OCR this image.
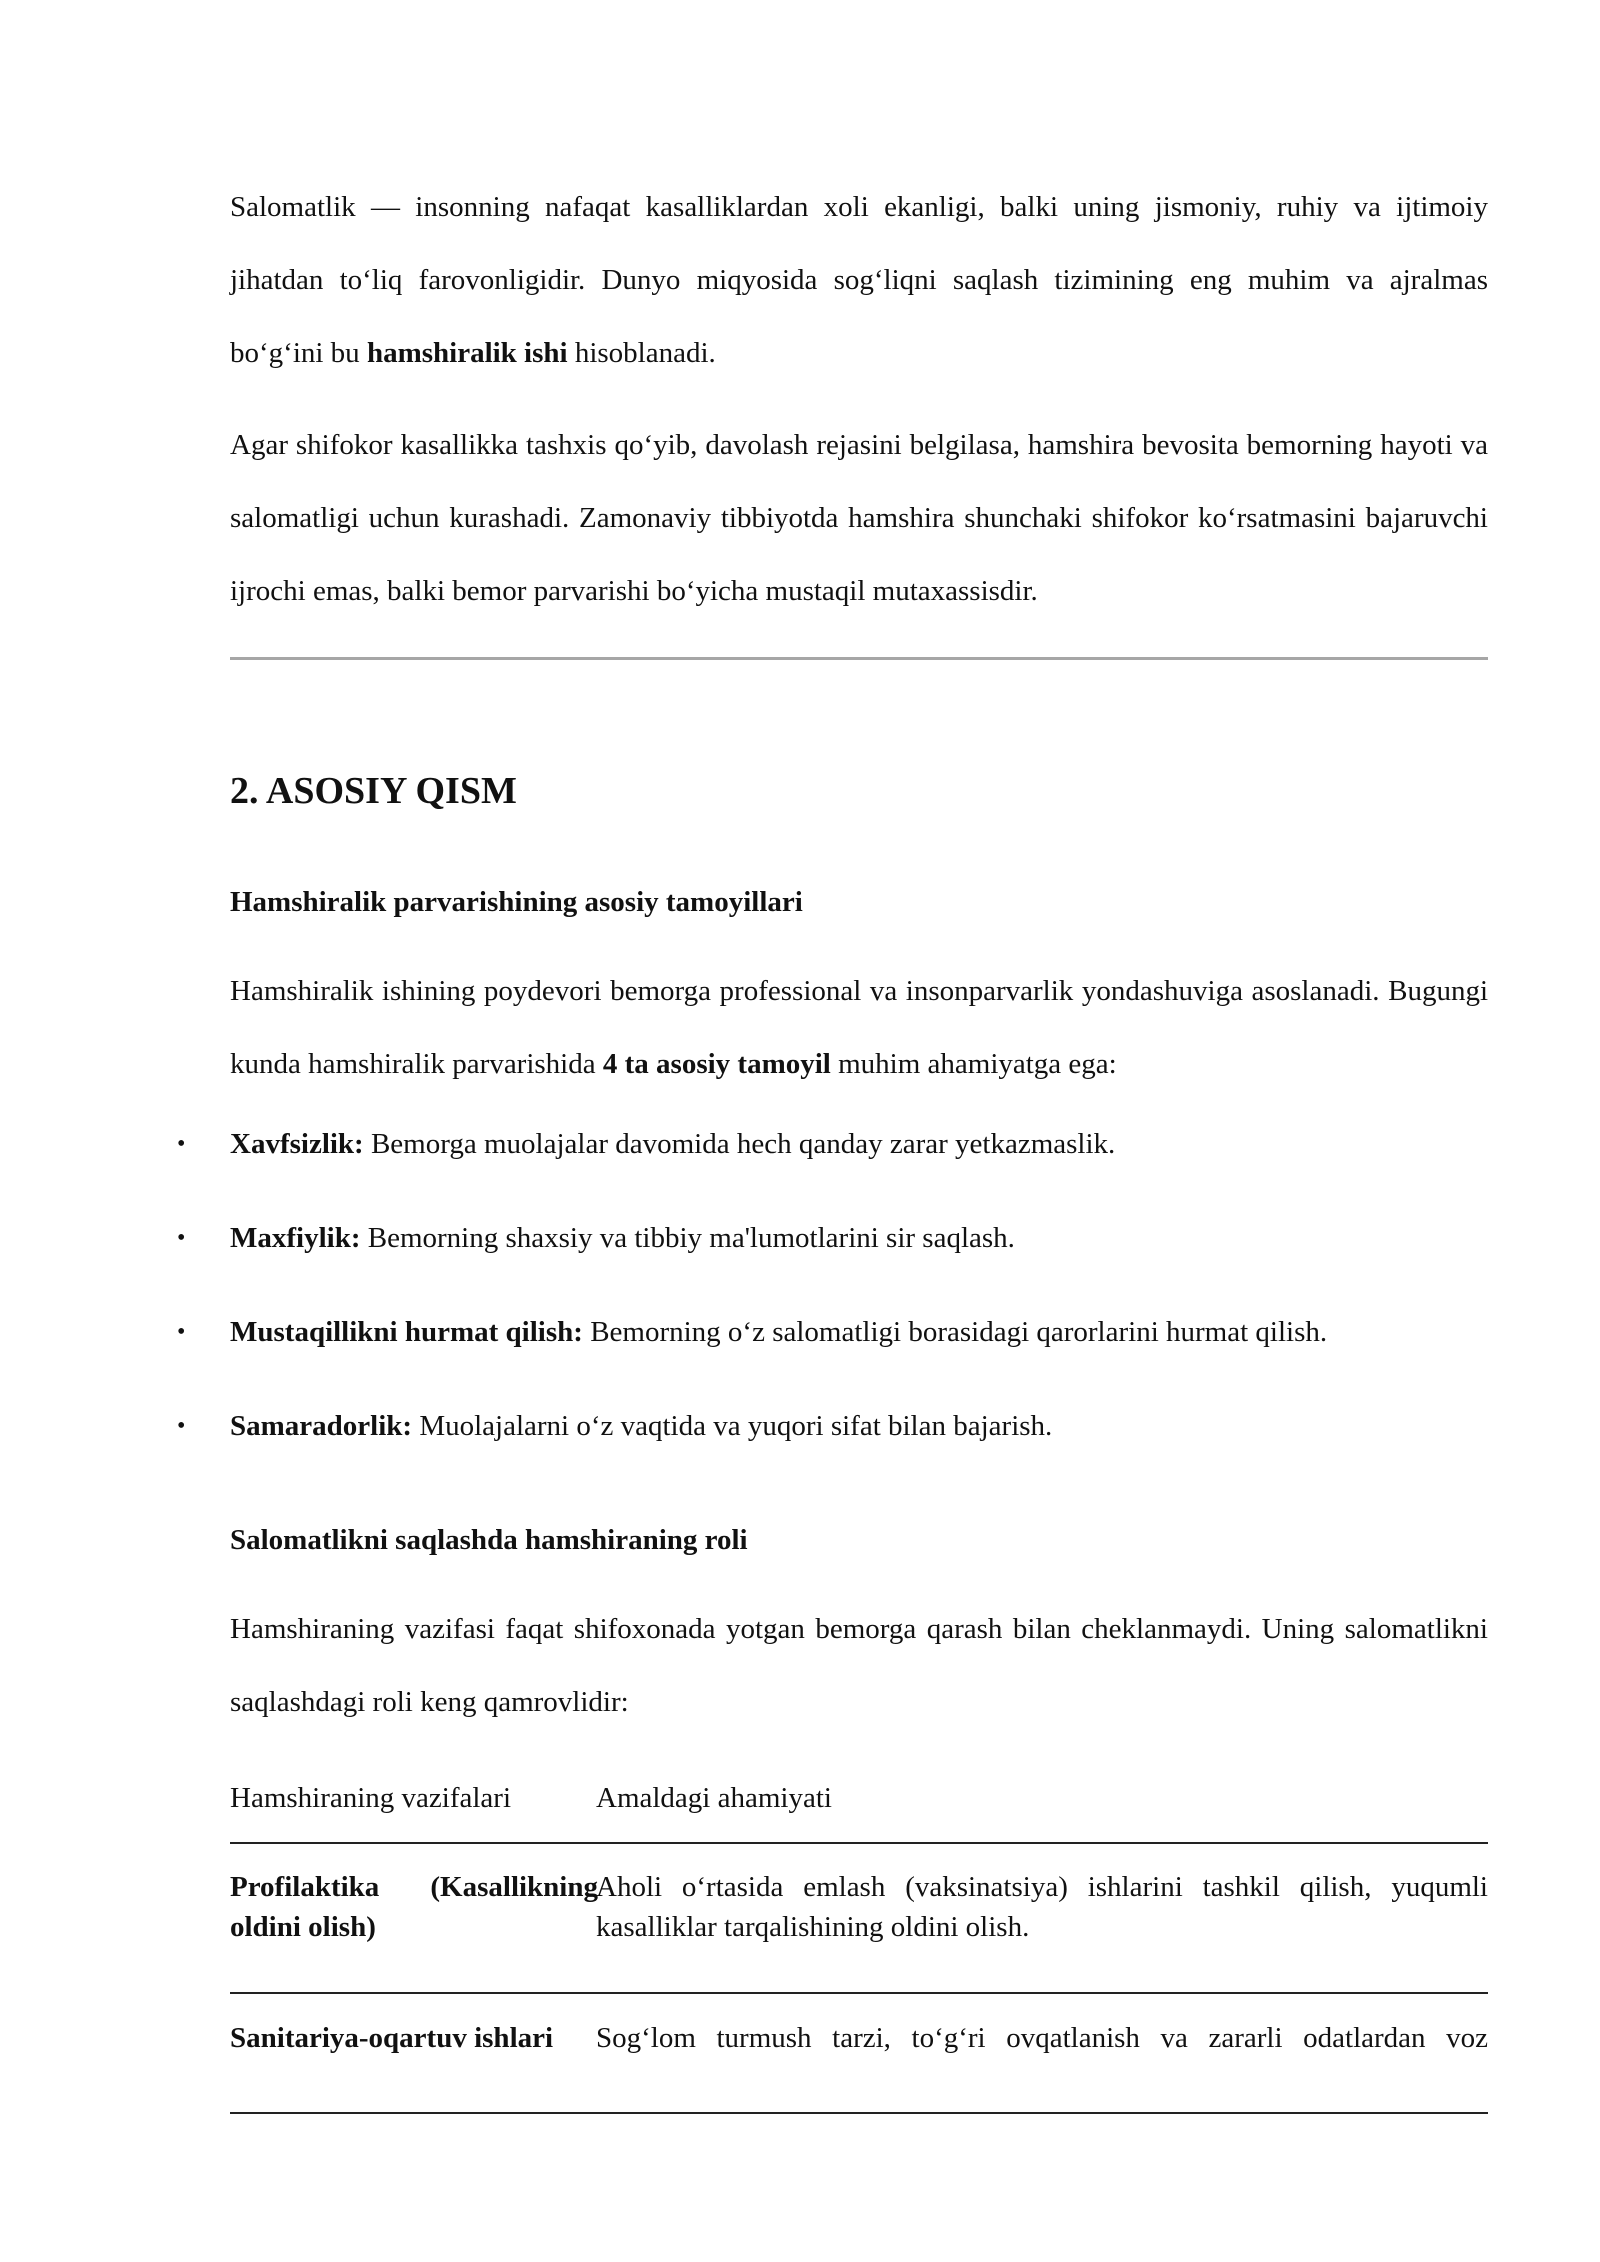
Salomatlik — insonning nafaqat kasalliklardan xoli ekanligi, balki uning jismoniy, ruhiy va ijtimoiy jihatdan to‘liq farovonligidir. Dunyo miqyosida sog‘liqni saqlash tizimining eng muhim va ajralmas bo‘g‘ini bu hamshiralik ishi hisoblanadi.

Agar shifokor kasallikka tashxis qo‘yib, davolash rejasini belgilasa, hamshira bevosita bemorning hayoti va salomatligi uchun kurashadi. Zamonaviy tibbiyotda hamshira shunchaki shifokor ko‘rsatmasini bajaruvchi ijrochi emas, balki bemor parvarishi bo‘yicha mustaqil mutaxassisdir.

2. ASOSIY QISM
Hamshiralik parvarishining asosiy tamoyillari

Hamshiralik ishining poydevori bemorga professional va insonparvarlik yondashuviga asoslanadi. Bugungi kunda hamshiralik parvarishida 4 ta asosiy tamoyil muhim ahamiyatga ega:

• Xavfsizlik: Bemorga muolajalar davomida hech qanday zarar yetkazmaslik.
• Maxfiylik: Bemorning shaxsiy va tibbiy ma'lumotlarini sir saqlash.
• Mustaqillikni hurmat qilish: Bemorning o‘z salomatligi borasidagi qarorlarini hurmat qilish.
• Samaradorlik: Muolajalarni o‘z vaqtida va yuqori sifat bilan bajarish.
Salomatlikni saqlashda hamshiraning roli

Hamshiraning vazifasi faqat shifoxonada yotgan bemorga qarash bilan cheklanmaydi. Uning salomatlikni saqlashdagi roli keng qamrovlidir:

Hamshiraning vazifalari	Amaldagi ahamiyati
Profilaktika (Kasallikning oldini olish)
Aholi o‘rtasida emlash (vaksinatsiya) ishlarini tashkil qilish, yuqumli kasalliklar tarqalishining oldini olish.
Sanitariya-oqartuv ishlari	Sog‘lom turmush tarzi, to‘g‘ri ovqatlanish va zararli odatlardan voz
